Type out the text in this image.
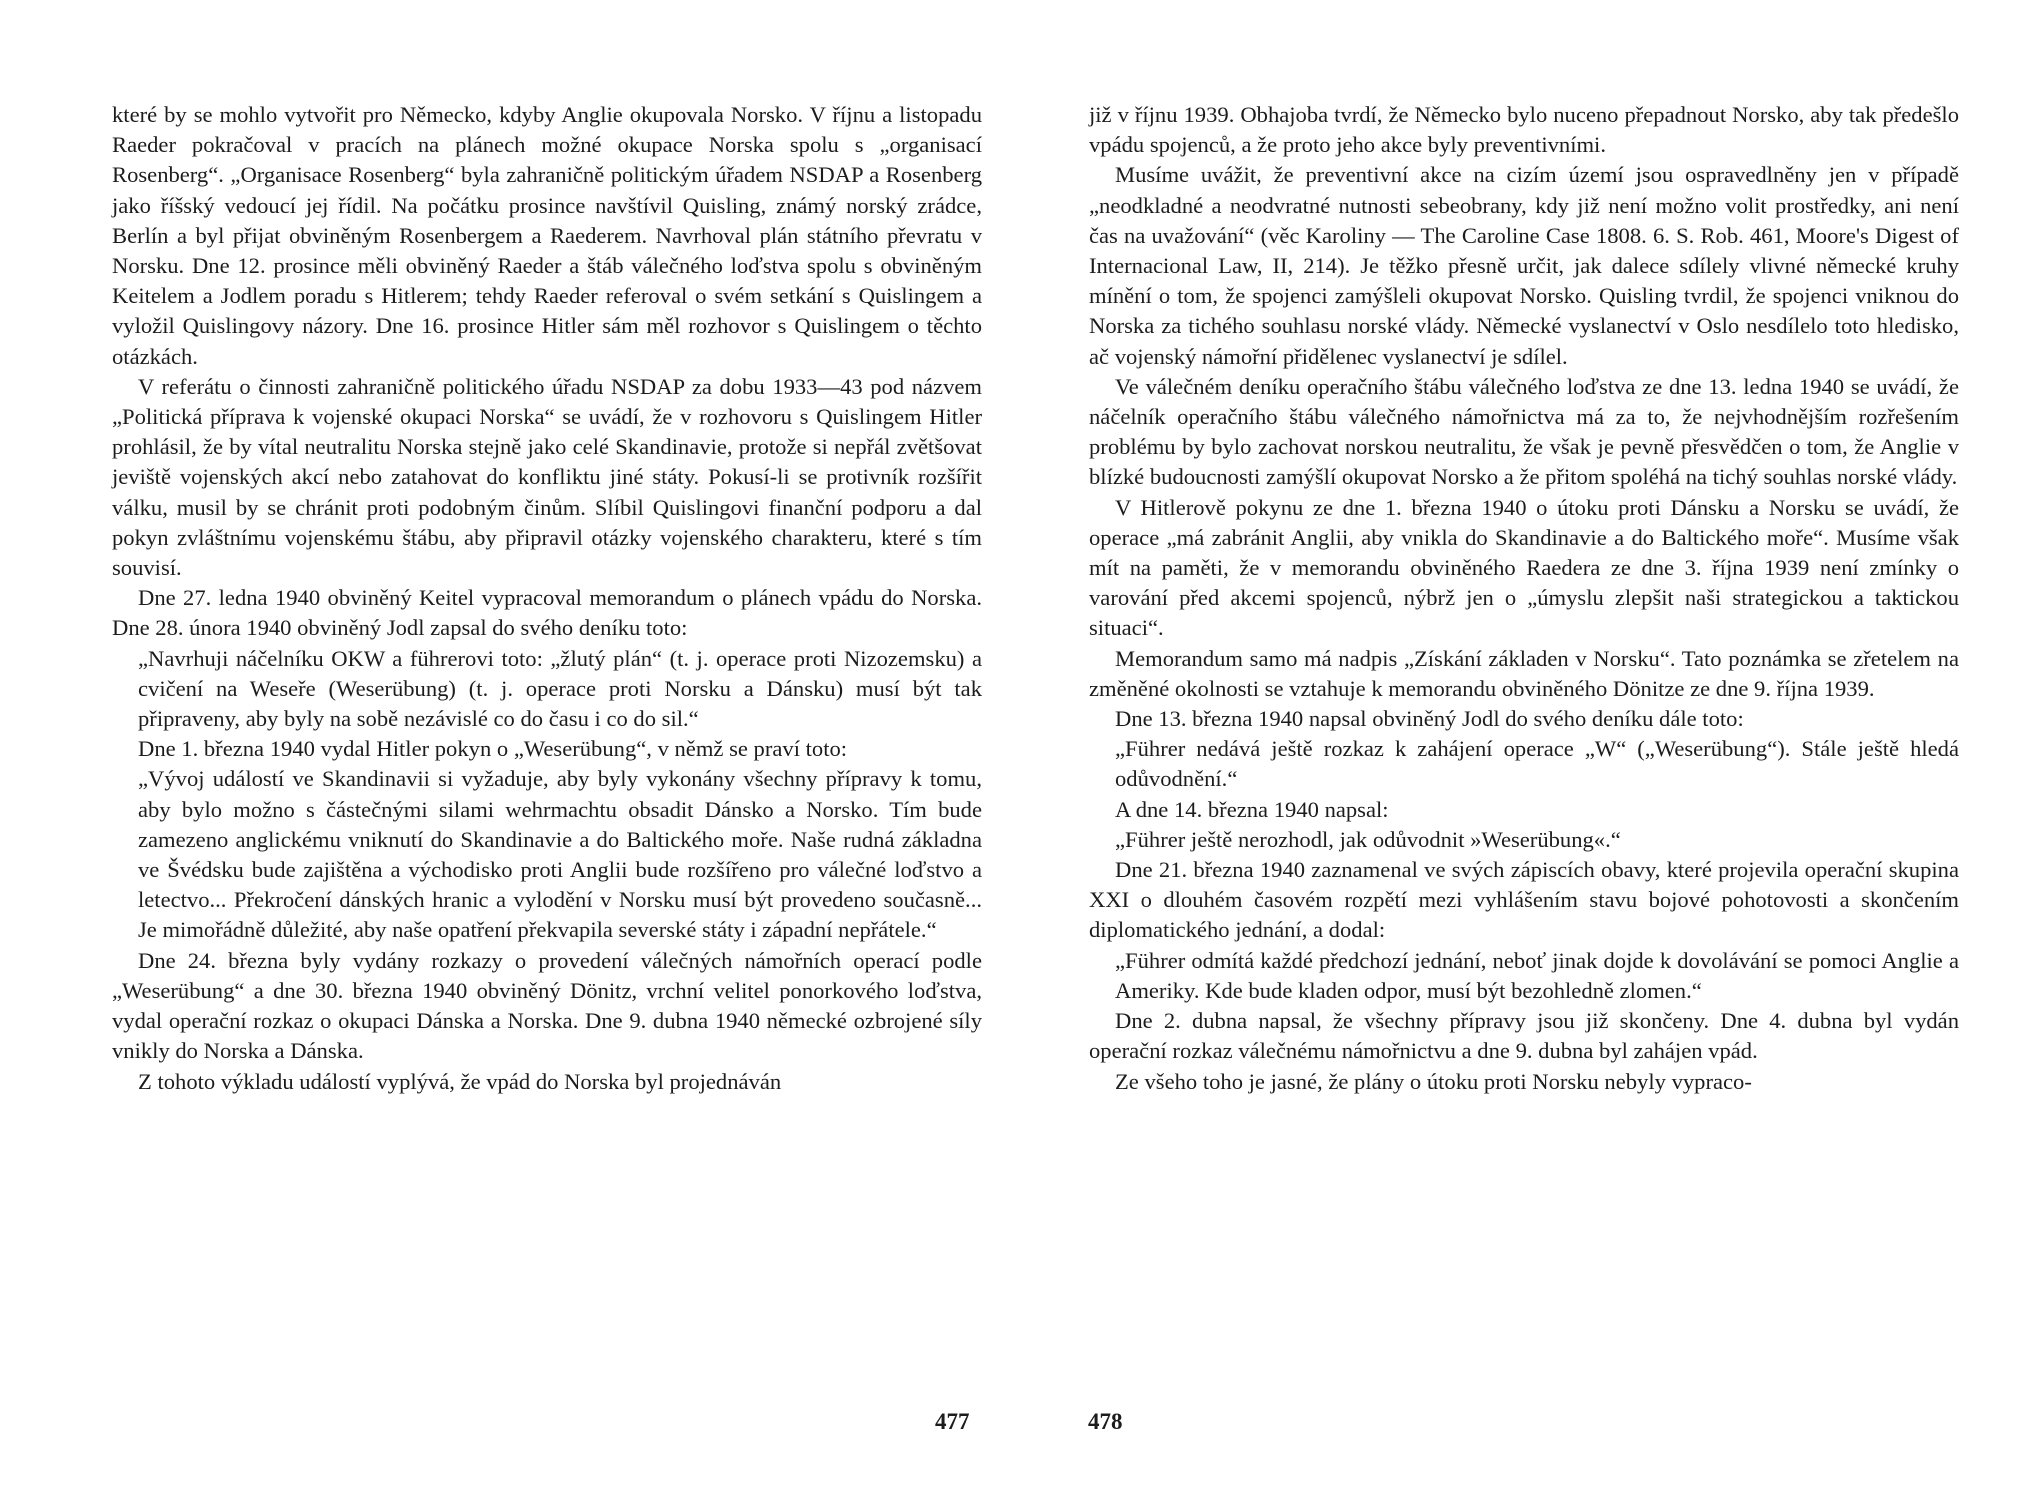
které by se mohlo vytvořit pro Německo, kdyby Anglie okupovala Norsko. V říjnu a listopadu Raeder pokračoval v pracích na plánech možné okupace Norska spolu s „organisací Rosenberg“. „Organisace Rosenberg“ byla zahraničně politickým úřadem NSDAP a Rosenberg jako říšský vedoucí jej řídil. Na počátku prosince navštívil Quisling, známý norský zrádce, Berlín a byl přijat obviněným Rosenbergem a Raederem. Navrhoval plán státního převratu v Norsku. Dne 12. prosince měli obviněný Raeder a štáb válečného loďstva spolu s obviněným Keitelem a Jodlem poradu s Hitlerem; tehdy Raeder referoval o svém setkání s Quislingem a vyložil Quislingovy názory. Dne 16. prosince Hitler sám měl rozhovor s Quislingem o těchto otázkách.

V referátu o činnosti zahraničně politického úřadu NSDAP za dobu 1933—43 pod názvem „Politická příprava k vojenské okupaci Norska“ se uvádí, že v rozhovoru s Quislingem Hitler prohlásil, že by vítal neutralitu Norska stejně jako celé Skandinavie, protože si nepřál zvětšovat jeviště vojenských akcí nebo zatahovat do konfliktu jiné státy. Pokusí-li se protivník rozšířit válku, musil by se chránit proti podobným činům. Slíbil Quislingovi finanční podporu a dal pokyn zvláštnímu vojenskému štábu, aby připravil otázky vojenského charakteru, které s tím souvisí.

Dne 27. ledna 1940 obviněný Keitel vypracoval memorandum o plánech vpádu do Norska. Dne 28. února 1940 obviněný Jodl zapsal do svého deníku toto:

„Navrhuji náčelníku OKW a führerovi toto: „žlutý plán“ (t. j. operace proti Nizozemsku) a cvičení na Weseře (Weserübung) (t. j. operace proti Norsku a Dánsku) musí být tak připraveny, aby byly na sobě nezávislé co do času i co do sil.“

Dne 1. března 1940 vydal Hitler pokyn o „Weserübung“, v němž se praví toto:

„Vývoj událostí ve Skandinavii si vyžaduje, aby byly vykonány všechny přípravy k tomu, aby bylo možno s částečnými silami wehrmachtu obsadit Dánsko a Norsko. Tím bude zamezeno anglickému vniknutí do Skandinavie a do Baltického moře. Naše rudná základna ve Švédsku bude zajištěna a východisko proti Anglii bude rozšířeno pro válečné loďstvo a letectvo... Překročení dánských hranic a vylodění v Norsku musí být provedeno současně... Je mimořádně důležité, aby naše opatření překvapila severské státy i západní nepřátele.“

Dne 24. března byly vydány rozkazy o provedení válečných námořních operací podle „Weserübung“ a dne 30. března 1940 obviněný Dönitz, vrchní velitel ponorkového loďstva, vydal operační rozkaz o okupaci Dánska a Norska. Dne 9. dubna 1940 německé ozbrojené síly vnikly do Norska a Dánska.

Z tohoto výkladu událostí vyplývá, že vpád do Norska byl projednáván

477

již v říjnu 1939. Obhajoba tvrdí, že Německo bylo nuceno přepadnout Norsko, aby tak předešlo vpádu spojenců, a že proto jeho akce byly preventivními.

Musíme uvážit, že preventivní akce na cizím území jsou ospravedlněny jen v případě „neodkladné a neodvratné nutnosti sebeobrany, kdy již není možno volit prostředky, ani není čas na uvažování“ (věc Karoliny — The Caroline Case 1808. 6. S. Rob. 461, Moore's Digest of Internacional Law, II, 214). Je těžko přesně určit, jak dalece sdílely vlivné německé kruhy mínění o tom, že spojenci zamýšleli okupovat Norsko. Quisling tvrdil, že spojenci vniknou do Norska za tichého souhlasu norské vlády. Německé vyslanectví v Oslo nesdílelo toto hledisko, ač vojenský námořní přidělenec vyslanectví je sdílel.

Ve válečném deníku operačního štábu válečného loďstva ze dne 13. ledna 1940 se uvádí, že náčelník operačního štábu válečného námořnictva má za to, že nejvhodnějším rozřešením problému by bylo zachovat norskou neutralitu, že však je pevně přesvědčen o tom, že Anglie v blízké budoucnosti zamýšlí okupovat Norsko a že přitom spoléhá na tichý souhlas norské vlády.

V Hitlerově pokynu ze dne 1. března 1940 o útoku proti Dánsku a Norsku se uvádí, že operace „má zabránit Anglii, aby vnikla do Skandinavie a do Baltického moře“. Musíme však mít na paměti, že v memorandu obviněného Raedera ze dne 3. října 1939 není zmínky o varování před akcemi spojenců, nýbrž jen o „úmyslu zlepšit naši strategickou a taktickou situaci“.

Memorandum samo má nadpis „Získání základen v Norsku“. Tato poznámka se zřetelem na změněné okolnosti se vztahuje k memorandu obviněného Dönitze ze dne 9. října 1939.

Dne 13. března 1940 napsal obviněný Jodl do svého deníku dále toto:

„Führer nedává ještě rozkaz k zahájení operace „W“ („Weserübung“). Stále ještě hledá odůvodnění.“

A dne 14. března 1940 napsal:

„Führer ještě nerozhodl, jak odůvodnit »Weserübung«.“

Dne 21. března 1940 zaznamenal ve svých zápiscích obavy, které projevila operační skupina XXI o dlouhém časovém rozpětí mezi vyhlášením stavu bojové pohotovosti a skončením diplomatického jednání, a dodal:

„Führer odmítá každé předchozí jednání, neboť jinak dojde k dovolávání se pomoci Anglie a Ameriky. Kde bude kladen odpor, musí být bezohledně zlomen.“

Dne 2. dubna napsal, že všechny přípravy jsou již skončeny. Dne 4. dubna byl vydán operační rozkaz válečnému námořnictvu a dne 9. dubna byl zahájen vpád.

Ze všeho toho je jasné, že plány o útoku proti Norsku nebyly vypraco-

478
